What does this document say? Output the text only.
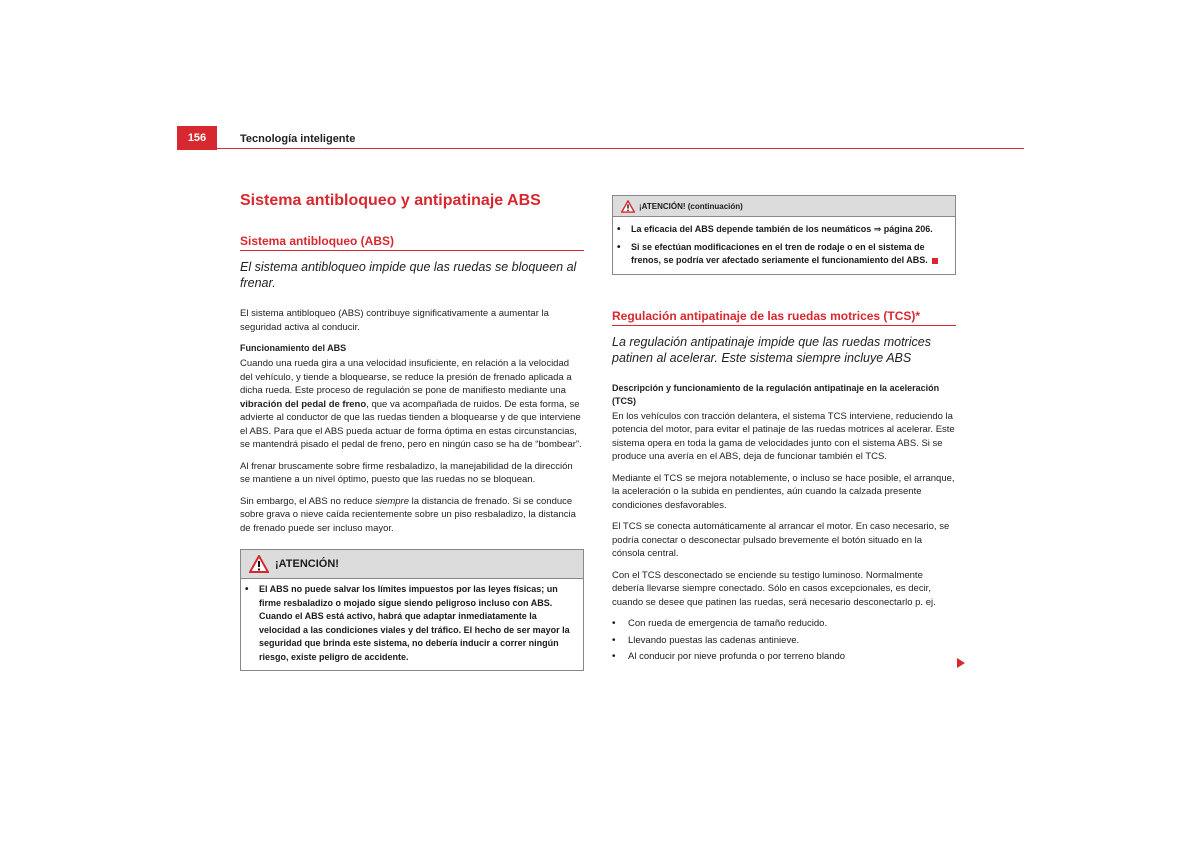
156	Tecnología inteligente
Sistema antibloqueo y antipatinaje ABS
Sistema antibloqueo (ABS)
El sistema antibloqueo impide que las ruedas se bloqueen al frenar.

El sistema antibloqueo (ABS) contribuye significativamente a aumentar la seguridad activa al conducir.

Funcionamiento del ABS

Cuando una rueda gira a una velocidad insuficiente, en relación a la velocidad del vehículo, y tiende a bloquearse, se reduce la presión de frenado aplicada a dicha rueda. Este proceso de regulación se pone de manifiesto mediante una vibración del pedal de freno, que va acompañada de ruidos. De esta forma, se advierte al conductor de que las ruedas tienden a bloquearse y de que interviene el ABS. Para que el ABS pueda actuar de forma óptima en estas circunstancias, se mantendrá pisado el pedal de freno, pero en ningún caso se ha de “bombear”.

Al frenar bruscamente sobre firme resbaladizo, la manejabilidad de la dirección se mantiene a un nivel óptimo, puesto que las ruedas no se bloquean.

Sin embargo, el ABS no reduce siempre la distancia de frenado. Si se conduce sobre grava o nieve caída recientemente sobre un piso resbaladizo, la distancia de frenado puede ser incluso mayor.

¡ATENCIÓN!
•	El ABS no puede salvar los límites impuestos por las leyes físicas; un firme resbaladizo o mojado sigue siendo peligroso incluso con ABS. Cuando el ABS está activo, habrá que adaptar inmediatamente la velocidad a las condiciones viales y del tráfico. El hecho de ser mayor la seguridad que brinda este sistema, no debería inducir a correr ningún riesgo, existe peligro de accidente.
¡ATENCIÓN! (continuación)
•	La eficacia del ABS depende también de los neumáticos ⇒ página 206.
•	Si se efectúan modificaciones en el tren de rodaje o en el sistema de frenos, se podría ver afectado seriamente el funcionamiento del ABS.
Regulación antipatinaje de las ruedas motrices (TCS)*
La regulación antipatinaje impide que las ruedas motrices patinen al acelerar. Este sistema siempre incluye ABS
Descripción y funcionamiento de la regulación antipatinaje en la aceleración (TCS)

En los vehículos con tracción delantera, el sistema TCS interviene, reduciendo la potencia del motor, para evitar el patinaje de las ruedas motrices al acelerar. Este sistema opera en toda la gama de velocidades junto con el sistema ABS. Si se produce una avería en el ABS, deja de funcionar también el TCS.

Mediante el TCS se mejora notablemente, o incluso se hace posible, el arranque, la aceleración o la subida en pendientes, aún cuando la calzada presente condiciones desfavorables.

El TCS se conecta automáticamente al arrancar el motor. En caso necesario, se podría conectar o desconectar pulsado brevemente el botón situado en la cónsola central.

Con el TCS desconectado se enciende su testigo luminoso. Normalmente debería llevarse siempre conectado. Sólo en casos excepcionales, es decir, cuando se desee que patinen las ruedas, será necesario desconectarlo p. ej.

•	Con rueda de emergencia de tamaño reducido.
•	Llevando puestas las cadenas antinieve.
•	Al conducir por nieve profunda o por terreno blando
